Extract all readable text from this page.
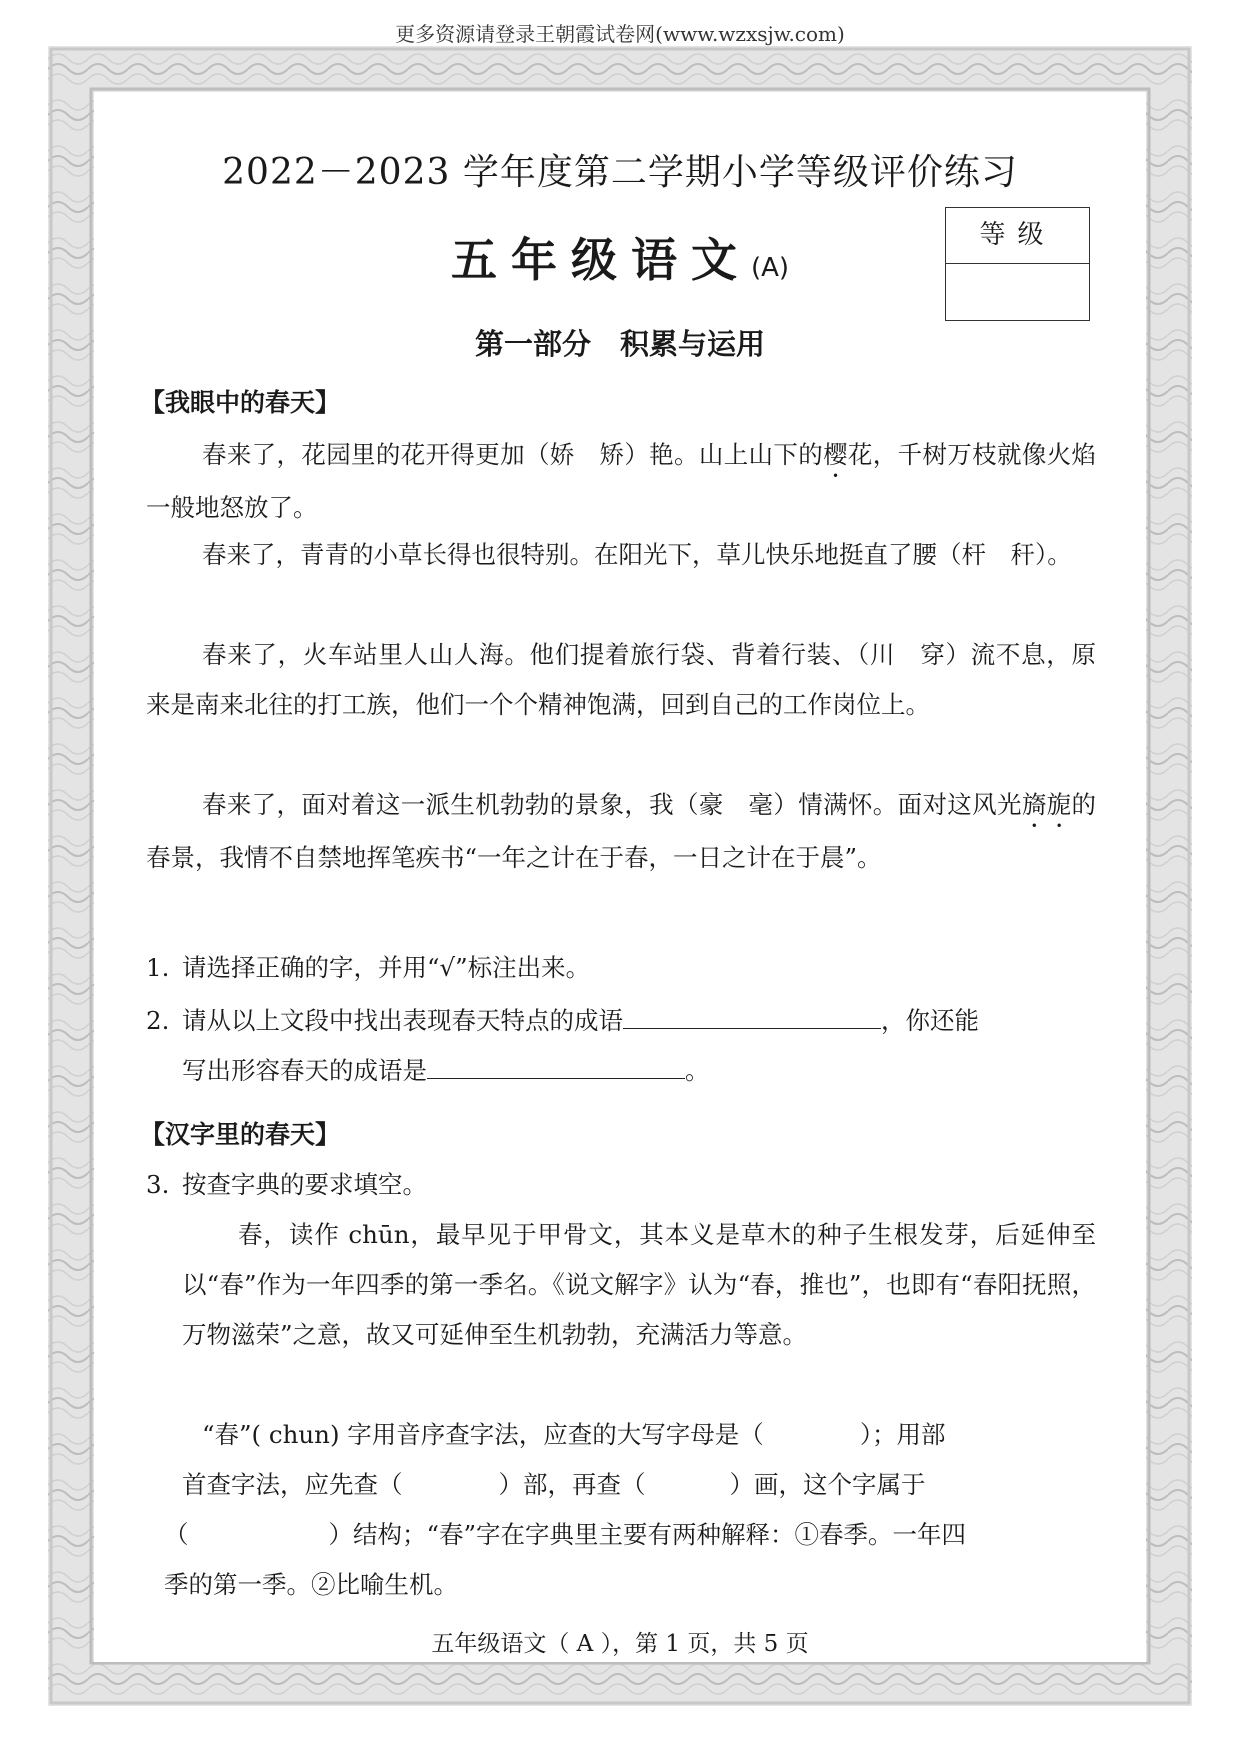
更多资源请登录王朝霞试卷网(www.wzxsjw.com)
2022－2023 学年度第二学期小学等级评价练习
五年级语文(A)
等级
第一部分　积累与运用
【我眼中的春天】
春来了，花园里的花开得更加（娇　矫）艳。山上山下的樱花，千树万枝就像火焰一般地怒放了。
春来了，青青的小草长得也很特别。在阳光下，草儿快乐地挺直了腰（杆　秆）。
春来了，火车站里人山人海。他们提着旅行袋、背着行装、（川　穿）流不息，原来是南来北往的打工族，他们一个个精神饱满，回到自己的工作岗位上。
春来了，面对着这一派生机勃勃的景象，我（豪　毫）情满怀。面对这风光旖旎的春景，我情不自禁地挥笔疾书“一年之计在于春，一日之计在于晨”。
1. 请选择正确的字，并用“√”标注出来。
2. 请从以上文段中找出表现春天特点的成语	，你还能
写出形容春天的成语是	。
【汉字里的春天】
3. 按查字典的要求填空。
春，读作 chūn，最早见于甲骨文，其本义是草木的种子生根发芽，后延伸至以“春”作为一年四季的第一季名。《说文解字》认为“春，推也”，也即有“春阳抚照，万物滋荣”之意，故又可延伸至生机勃勃，充满活力等意。
“春”( chun) 字用音序查字法，应查的大写字母是（	）；用部
首查字法，应先查（	）部，再查（	）画，这个字属于
（	）结构；“春”字在字典里主要有两种解释：①春季。一年四
季的第一季。②比喻生机。
五年级语文（ A ），第 1 页，共 5 页
